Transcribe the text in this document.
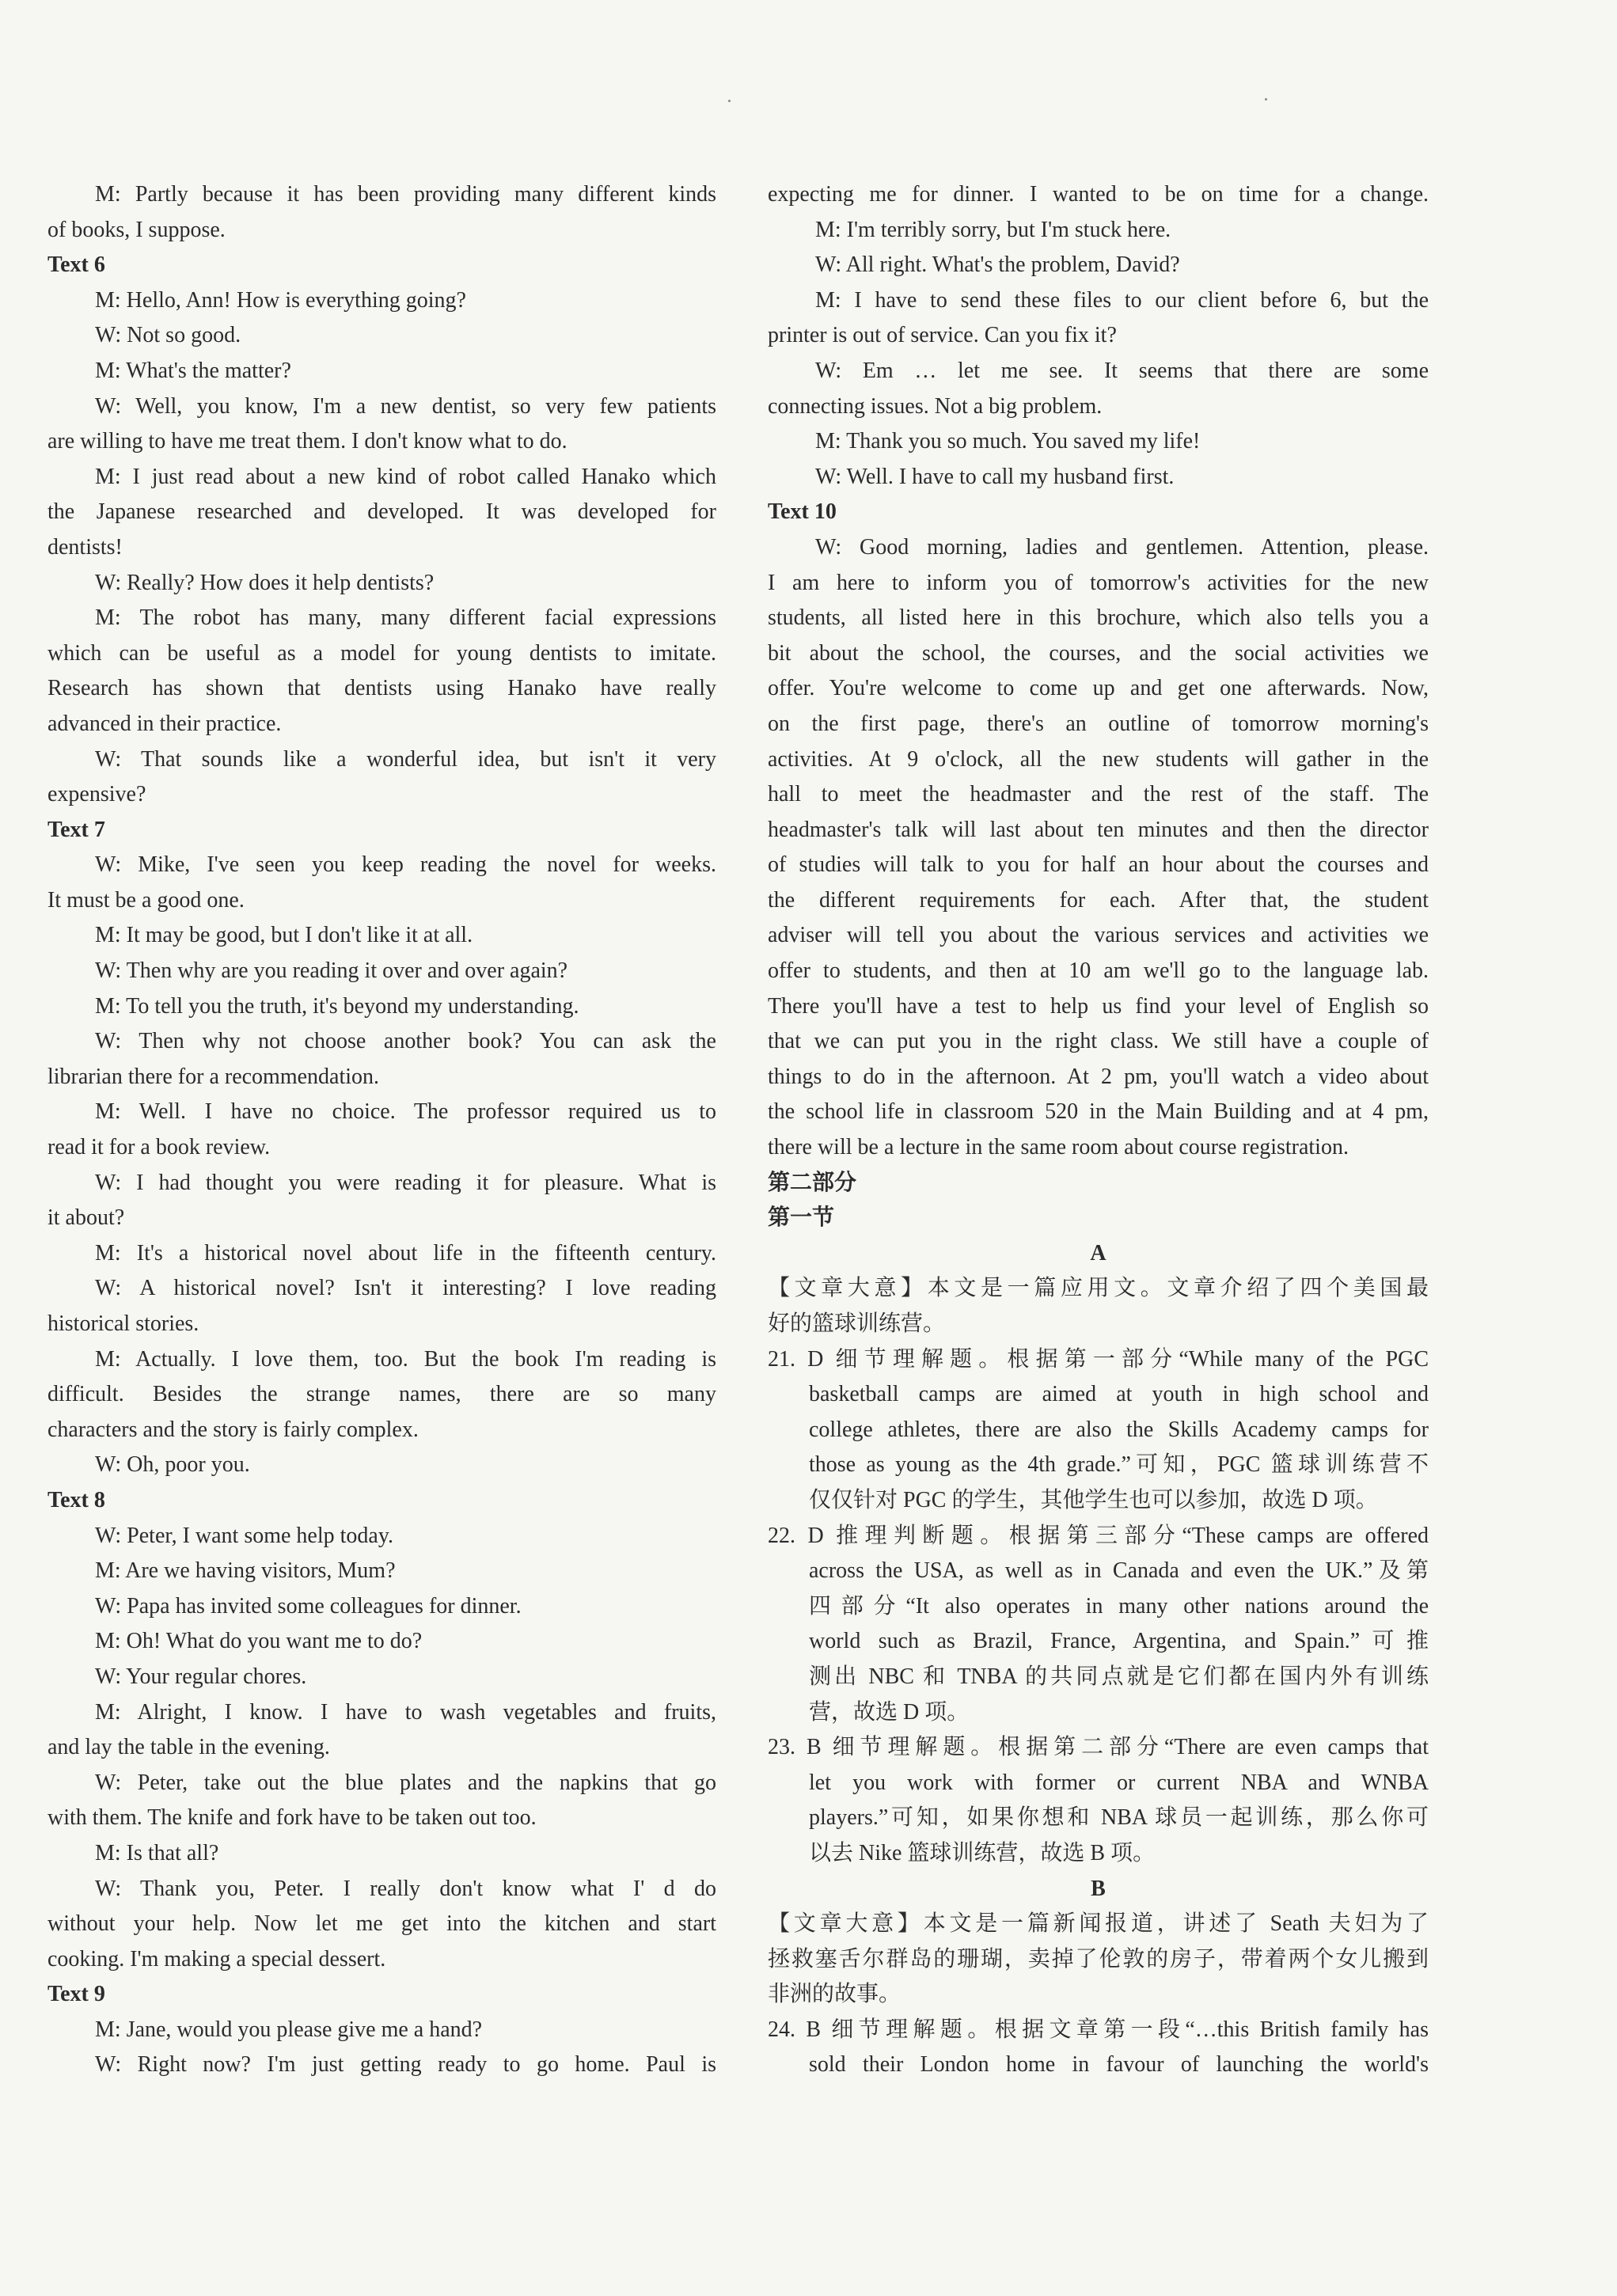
M: Partly because it has been providing many different kinds

of books, I suppose.

Text 6

M: Hello, Ann! How is everything going?

W: Not so good.

M: What's the matter?

W: Well, you know, I'm a new dentist, so very few patients

are willing to have me treat them. I don't know what to do.

M: I just read about a new kind of robot called Hanako which

the Japanese researched and developed. It was developed for

dentists!

W: Really? How does it help dentists?

M: The robot has many, many different facial expressions

which can be useful as a model for young dentists to imitate.

Research has shown that dentists using Hanako have really

advanced in their practice.

W: That sounds like a wonderful idea, but isn't it very

expensive?

Text 7

W: Mike, I've seen you keep reading the novel for weeks.

It must be a good one.

M: It may be good, but I don't like it at all.

W: Then why are you reading it over and over again?

M: To tell you the truth, it's beyond my understanding.

W: Then why not choose another book? You can ask the

librarian there for a recommendation.

M: Well. I have no choice. The professor required us to

read it for a book review.

W: I had thought you were reading it for pleasure. What is

it about?

M: It's a historical novel about life in the fifteenth century.

W: A historical novel? Isn't it interesting? I love reading

historical stories.

M: Actually. I love them, too. But the book I'm reading is

difficult. Besides the strange names, there are so many

characters and the story is fairly complex.

W: Oh, poor you.

Text 8

W: Peter, I want some help today.

M: Are we having visitors, Mum?

W: Papa has invited some colleagues for dinner.

M: Oh! What do you want me to do?

W: Your regular chores.

M: Alright, I know. I have to wash vegetables and fruits,

and lay the table in the evening.

W: Peter, take out the blue plates and the napkins that go

with them. The knife and fork have to be taken out too.

M: Is that all?

W: Thank you, Peter. I really don't know what I' d do

without your help. Now let me get into the kitchen and start

cooking. I'm making a special dessert.

Text 9

M: Jane, would you please give me a hand?

W: Right now? I'm just getting ready to go home. Paul is

expecting me for dinner. I wanted to be on time for a change.

M: I'm terribly sorry, but I'm stuck here.

W: All right. What's the problem, David?

M: I have to send these files to our client before 6, but the

printer is out of service. Can you fix it?

W: Em … let me see. It seems that there are some

connecting issues. Not a big problem.

M: Thank you so much. You saved my life!

W: Well. I have to call my husband first.

Text 10

W: Good morning, ladies and gentlemen. Attention, please.

I am here to inform you of tomorrow's activities for the new

students, all listed here in this brochure, which also tells you a

bit about the school, the courses, and the social activities we

offer. You're welcome to come up and get one afterwards. Now,

on the first page, there's an outline of tomorrow morning's

activities. At 9 o'clock, all the new students will gather in the

hall to meet the headmaster and the rest of the staff. The

headmaster's talk will last about ten minutes and then the director

of studies will talk to you for half an hour about the courses and

the different requirements for each. After that, the student

adviser will tell you about the various services and activities we

offer to students, and then at 10 am we'll go to the language lab.

There you'll have a test to help us find your level of English so

that we can put you in the right class. We still have a couple of

things to do in the afternoon. At 2 pm, you'll watch a video about

the school life in classroom 520 in the Main Building and at 4 pm,

there will be a lecture in the same room about course registration.

第二部分

第一节

A

【文章大意】本文是一篇应用文。文章介绍了四个美国最

好的篮球训练营。

21. D 细节理解题。根据第一部分“While many of the PGC

basketball camps are aimed at youth in high school and

college athletes, there are also the Skills Academy camps for

those as young as the 4th grade.”可知，PGC 篮球训练营不

仅仅针对 PGC 的学生，其他学生也可以参加，故选 D 项。

22. D 推理判断题。根据第三部分“These camps are offered

across the USA, as well as in Canada and even the UK.”及第

四部分“It also operates in many other nations around the

world such as Brazil, France, Argentina, and Spain.”可推

测出 NBC 和 TNBA 的共同点就是它们都在国内外有训练

营，故选 D 项。

23. B 细节理解题。根据第二部分“There are even camps that

let you work with former or current NBA and WNBA

players.”可知，如果你想和 NBA 球员一起训练，那么你可

以去 Nike 篮球训练营，故选 B 项。

B

【文章大意】本文是一篇新闻报道，讲述了 Seath 夫妇为了

拯救塞舌尔群岛的珊瑚，卖掉了伦敦的房子，带着两个女儿搬到

非洲的故事。

24. B 细节理解题。根据文章第一段“…this British family has

sold their London home in favour of launching the world's
